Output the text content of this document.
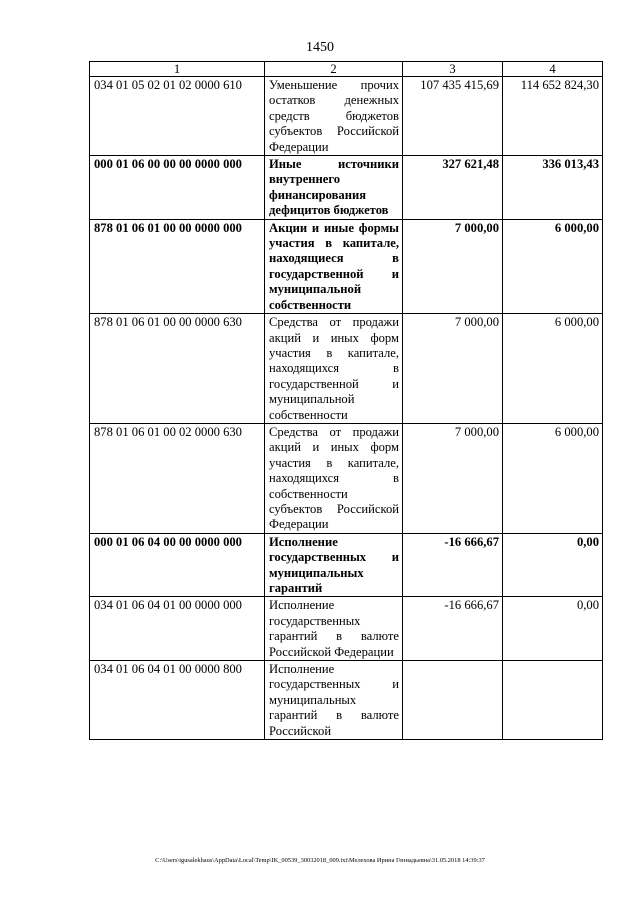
1450
1	2	3	4
034 01 05 02 01 02 0000 610	Уменьшение прочих остатков денежных средств бюджетов субъектов Российской Федерации	107 435 415,69	114 652 824,30
000 01 06 00 00 00 0000 000	Иные источники внутреннего финансирования дефицитов бюджетов	327 621,48	336 013,43
878 01 06 01 00 00 0000 000	Акции и иные формы участия в капитале, находящиеся в государственной и муниципальной собственности	7 000,00	6 000,00
878 01 06 01 00 00 0000 630	Средства от продажи акций и иных форм участия в капитале, находящихся в государственной и муниципальной собственности	7 000,00	6 000,00
878 01 06 01 00 02 0000 630	Средства от продажи акций и иных форм участия в капитале, находящихся в собственности субъектов Российской Федерации	7 000,00	6 000,00
000 01 06 04 00 00 0000 000	Исполнение государственных и муниципальных гарантий	-16 666,67	0,00
034 01 06 04 01 00 0000 000	Исполнение государственных гарантий в валюте Российской Федерации	-16 666,67	0,00
034 01 06 04 01 00 0000 800	Исполнение государственных и муниципальных гарантий в валюте Российской		
C:\Users\igusalekhaus\AppData\Local\Temp\IK_00539_30032018_009.txt\Мелехова Ирина Геннадьевна\31.05.2018 14:39:37
